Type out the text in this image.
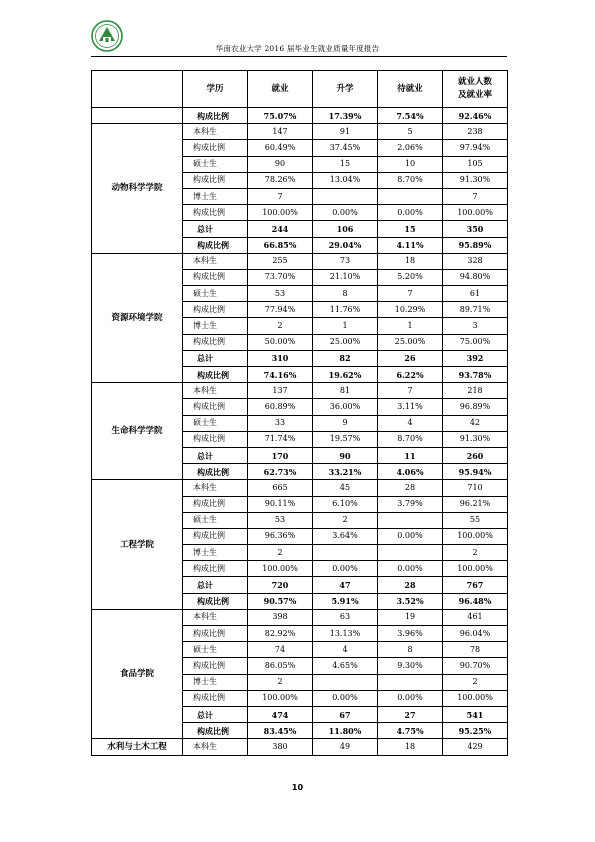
华南农业大学 2016 届毕业生就业质量年度报告
	学历	就业	升学	待就业	就业人数
及就业率
	构成比例	75.07%	17.39%	7.54%	92.46%
动物科学学院	本科生	147	91	5	238
	构成比例	60.49%	37.45%	2.06%	97.94%
	硕士生	90	15	10	105
	构成比例	78.26%	13.04%	8.70%	91.30%
	博士生	7			7
	构成比例	100.00%	0.00%	0.00%	100.00%
	总计	244	106	15	350
	构成比例	66.85%	29.04%	4.11%	95.89%
资源环境学院	本科生	255	73	18	328
	构成比例	73.70%	21.10%	5.20%	94.80%
	硕士生	53	8	7	61
	构成比例	77.94%	11.76%	10.29%	89.71%
	博士生	2	1	1	3
	构成比例	50.00%	25.00%	25.00%	75.00%
	总计	310	82	26	392
	构成比例	74.16%	19.62%	6.22%	93.78%
生命科学学院	本科生	137	81	7	218
	构成比例	60.89%	36.00%	3.11%	96.89%
	硕士生	33	9	4	42
	构成比例	71.74%	19.57%	8.70%	91.30%
	总计	170	90	11	260
	构成比例	62.73%	33.21%	4.06%	95.94%
工程学院	本科生	665	45	28	710
	构成比例	90.11%	6.10%	3.79%	96.21%
	硕士生	53	2		55
	构成比例	96.36%	3.64%	0.00%	100.00%
	博士生	2			2
	构成比例	100.00%	0.00%	0.00%	100.00%
	总计	720	47	28	767
	构成比例	90.57%	5.91%	3.52%	96.48%
食品学院	本科生	398	63	19	461
	构成比例	82.92%	13.13%	3.96%	96.04%
	硕士生	74	4	8	78
	构成比例	86.05%	4.65%	9.30%	90.70%
	博士生	2			2
	构成比例	100.00%	0.00%	0.00%	100.00%
	总计	474	67	27	541
	构成比例	83.45%	11.80%	4.75%	95.25%
水利与土木工程	本科生	380	49	18	429
10
